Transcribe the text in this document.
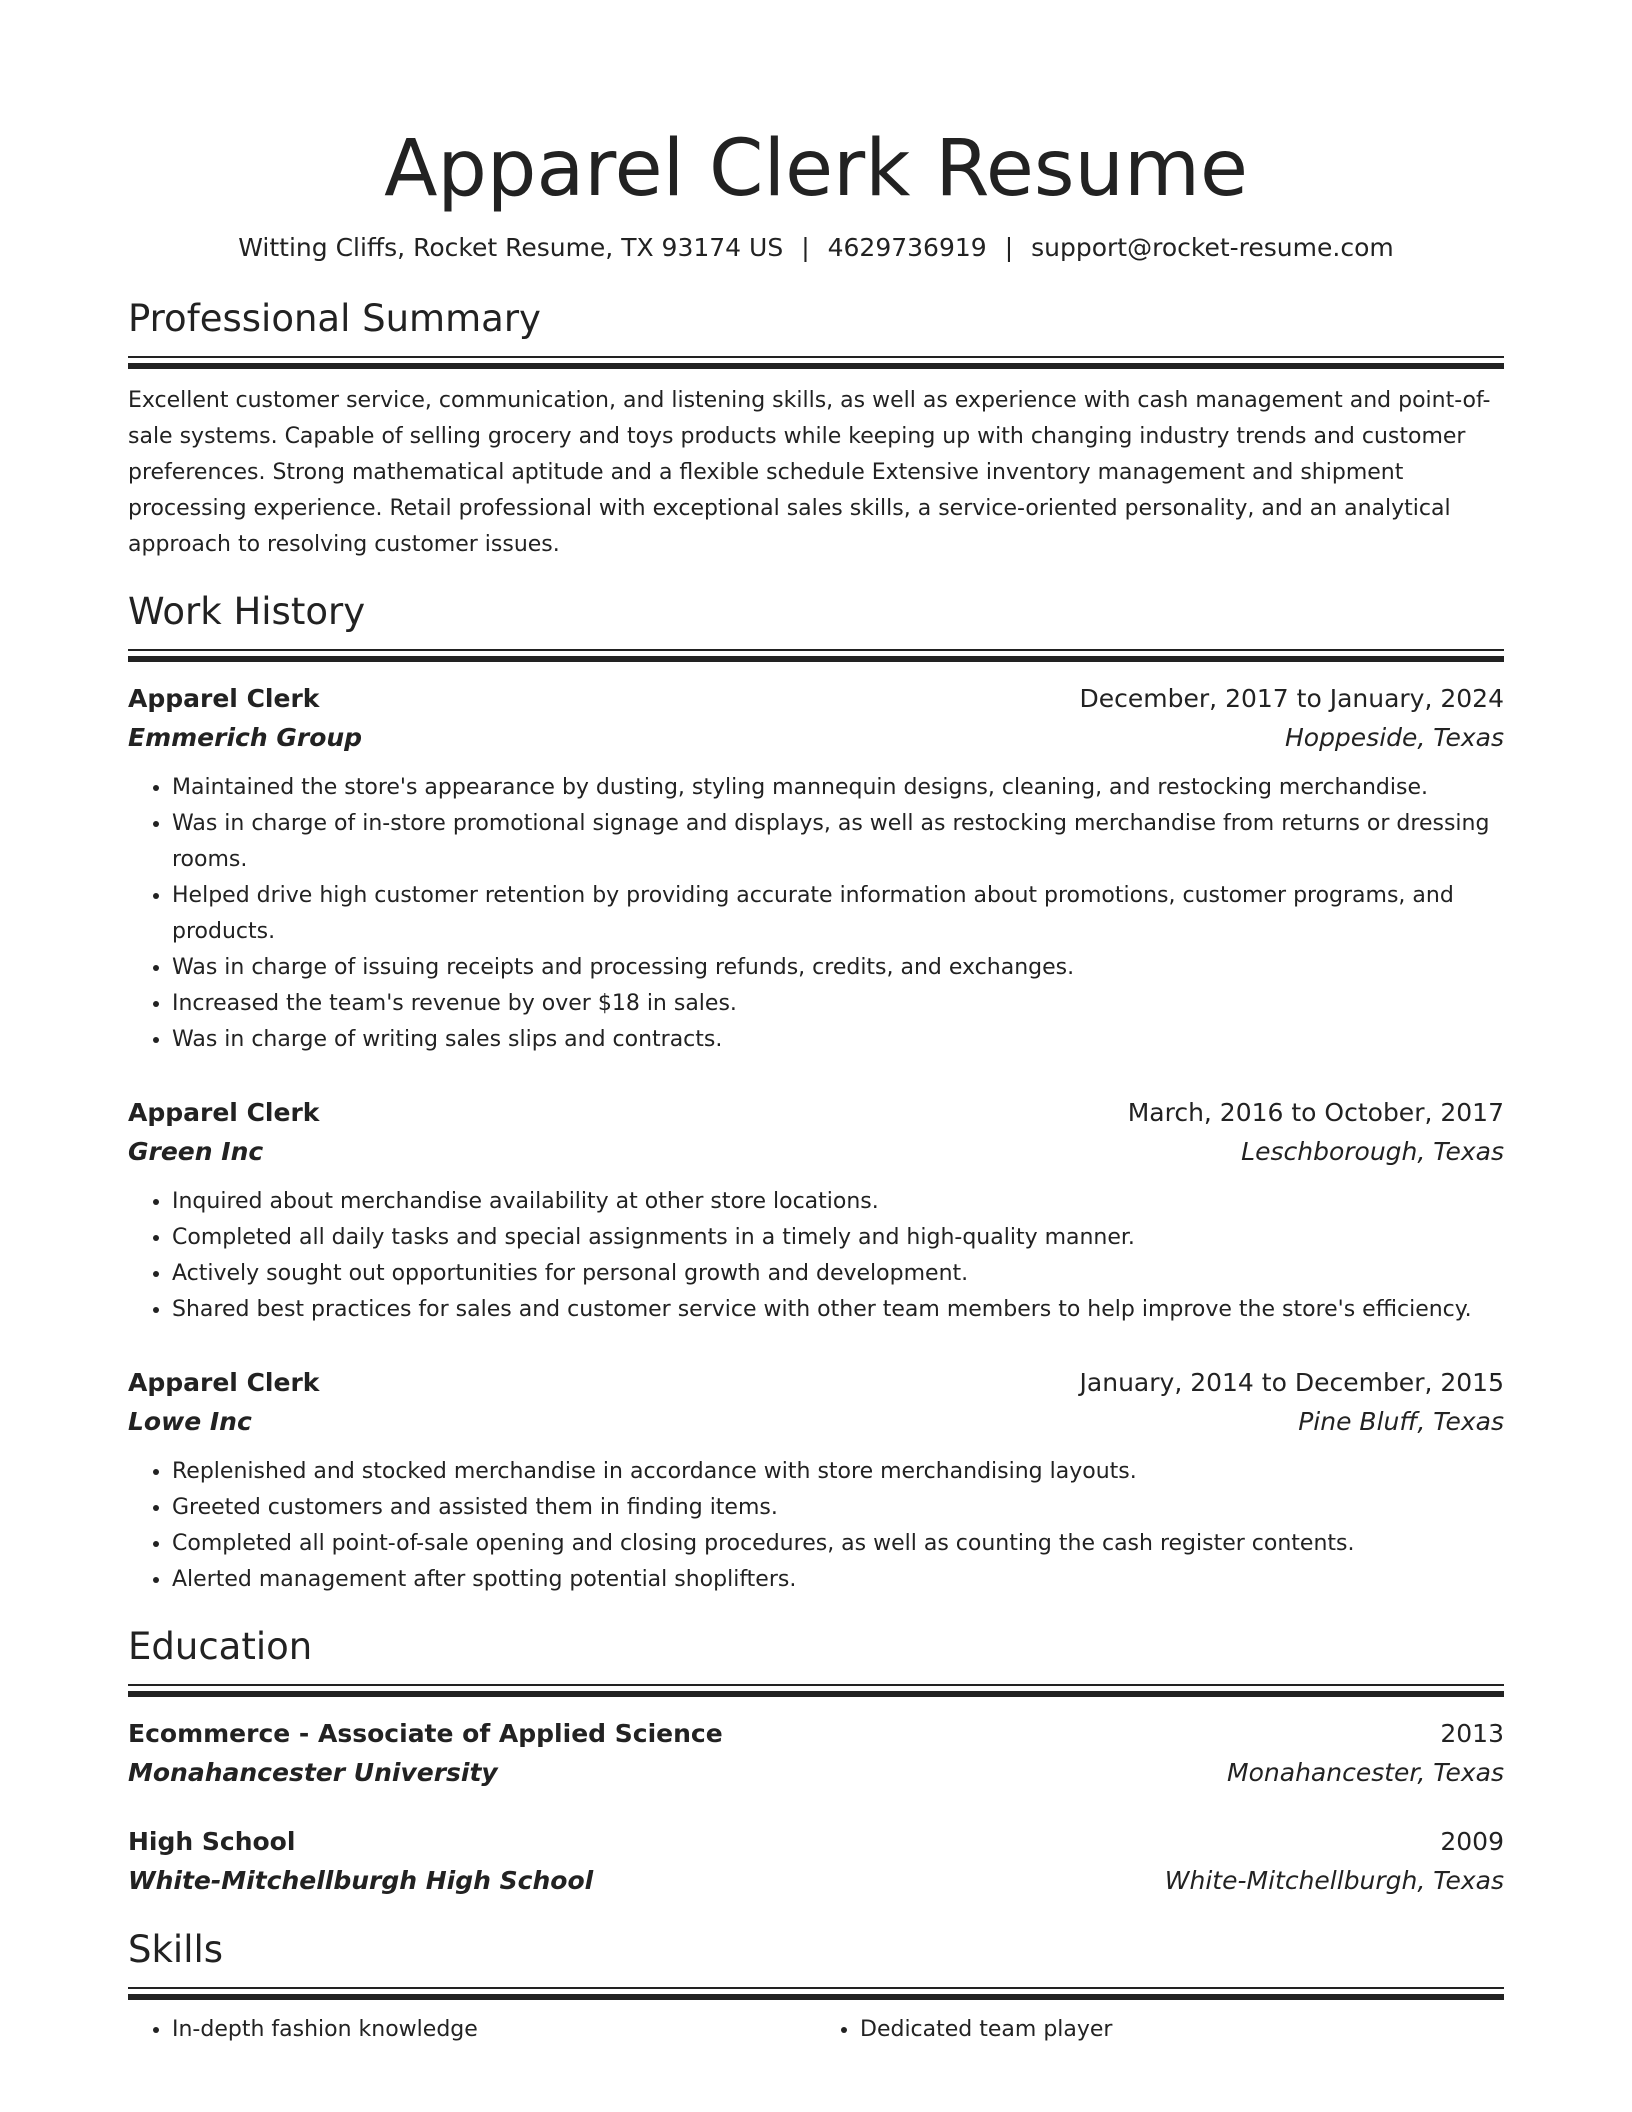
Apparel Clerk Resume
Witting Cliffs, Rocket Resume, TX 93174 US | 4629736919 | support@rocket-resume.com
Professional Summary
Excellent customer service, communication, and listening skills, as well as experience with cash management and point-of-sale systems. Capable of selling grocery and toys products while keeping up with changing industry trends and customer preferences. Strong mathematical aptitude and a flexible schedule Extensive inventory management and shipment processing experience. Retail professional with exceptional sales skills, a service-oriented personality, and an analytical approach to resolving customer issues.
Work History
Apparel Clerk	December, 2017 to January, 2024
Emmerich Group	Hoppeside, Texas
• Maintained the store's appearance by dusting, styling mannequin designs, cleaning, and restocking merchandise.
• Was in charge of in-store promotional signage and displays, as well as restocking merchandise from returns or dressing rooms.
• Helped drive high customer retention by providing accurate information about promotions, customer programs, and products.
• Was in charge of issuing receipts and processing refunds, credits, and exchanges.
• Increased the team's revenue by over $18 in sales.
• Was in charge of writing sales slips and contracts.
Apparel Clerk	March, 2016 to October, 2017
Green Inc	Leschborough, Texas
• Inquired about merchandise availability at other store locations.
• Completed all daily tasks and special assignments in a timely and high-quality manner.
• Actively sought out opportunities for personal growth and development.
• Shared best practices for sales and customer service with other team members to help improve the store's efficiency.
Apparel Clerk	January, 2014 to December, 2015
Lowe Inc	Pine Bluff, Texas
• Replenished and stocked merchandise in accordance with store merchandising layouts.
• Greeted customers and assisted them in finding items.
• Completed all point-of-sale opening and closing procedures, as well as counting the cash register contents.
• Alerted management after spotting potential shoplifters.
Education
Ecommerce - Associate of Applied Science	2013
Monahancester University	Monahancester, Texas
High School	2009
White-Mitchellburgh High School	White-Mitchellburgh, Texas
Skills
• In-depth fashion knowledge
•	Dedicated team player
